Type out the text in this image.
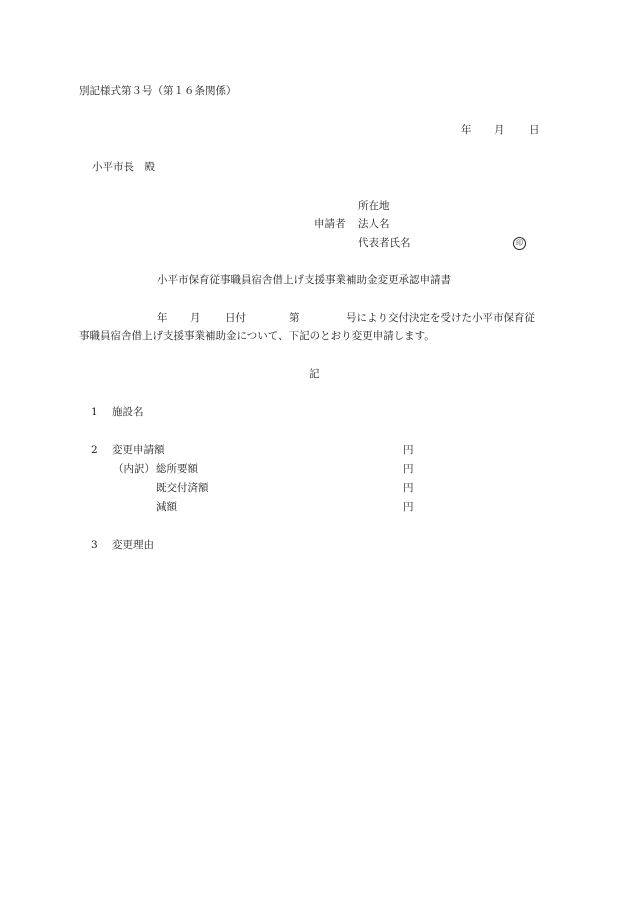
別記様式第３号（第１６条関係）
年 月 日
小平市長　殿
所在地
申請者 法人名
代表者氏名	印
小平市保育従事職員宿舎借上げ支援事業補助金変更承認申請書
年 月 日付	第	号により交付決定を受けた小平市保育従
事職員宿舎借上げ支援事業補助金について、下記のとおり変更申請します。
記
1 施設名
2 変更申請額	円
（内訳） 総所要額	円
既交付済額	円
減額	円
3 変更理由
